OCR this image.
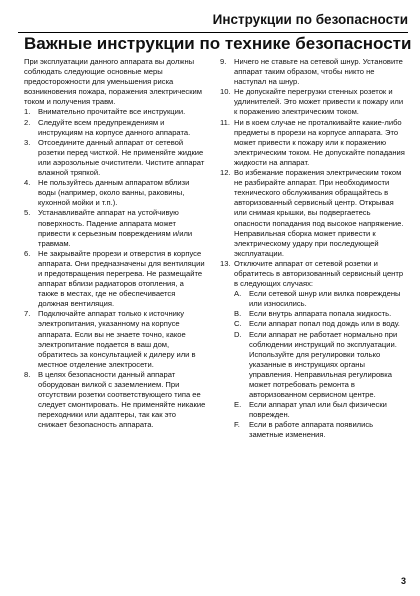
Инструкции по безопасности
Важные инструкции по технике безопасности
При эксплуатации данного аппарата вы должны соблюдать следующие основные меры предосторожности для уменьшения риска возникновения пожара, поражения электрическим током и получения травм.
1.	Внимательно прочитайте все инструкции.
2.	Следуйте всем предупреждениям и инструкциям на корпусе данного аппарата.
3.	Отсоедините данный аппарат от сетевой розетки перед чисткой. Не применяйте жидкие или аэрозольные очистители. Чистите аппарат влажной тряпкой.
4.	Не пользуйтесь данным аппаратом вблизи воды (например, около ванны, раковины, кухонной мойки и т.п.).
5.	Устанавливайте аппарат на устойчивую поверхность. Падение аппарата может привести к серьезным повреждениям и/или травмам.
6.	Не закрывайте прорези и отверстия в корпусе аппарата. Они предназначены для вентиляции и предотвращения перегрева. Не размещайте аппарат вблизи радиаторов отопления, а также в местах, где не обеспечивается должная вентиляция.
7.	Подключайте аппарат только к источнику электропитания, указанному на корпусе аппарата. Если вы не знаете точно, какое электропитание подается в ваш дом, обратитесь за консультацией к дилеру или в местное отделение электросети.
8.	В целях безопасности данный аппарат оборудован вилкой с заземлением. При отсутствии розетки соответствующего типа ее следует смонтировать. Не применяйте никакие переходники или адаптеры, так как это снижает безопасность аппарата.
9.	Ничего не ставьте на сетевой шнур. Установите аппарат таким образом, чтобы никто не наступал на шнур.
10. Не допускайте перегрузки стенных розеток и удлинителей. Это может привести к пожару или к поражению электрическим током.
11. Ни в коем случае не проталкивайте какие-либо предметы в прорези на корпусе аппарата. Это может привести к пожару или к поражению электрическим током. Не допускайте попадания жидкости на аппарат.
12. Во избежание поражения электрическим током не разбирайте аппарат. При необходимости технического обслуживания обращайтесь в авторизованный сервисный центр. Открывая или снимая крышки, вы подвергаетесь опасности попадания под высокое напряжение. Неправильная сборка может привести к электрическому удару при последующей эксплуатации.
13. Отключите аппарат от сетевой розетки и обратитесь в авторизованный сервисный центр в следующих случаях:
A.	Если сетевой шнур или вилка повреждены или износились.
B.	Если внутрь аппарата попала жидкость.
C. Если аппарат попал под дождь или в воду.
D. Если аппарат не работает нормально при соблюдении инструкций по эксплуатации. Используйте для регулировки только указанные в инструкциях органы управления. Неправильная регулировка может потребовать ремонта в авторизованном сервисном центре.
E.	Если аппарат упал или был физически поврежден.
F.	Если в работе аппарата появились заметные изменения.
3
